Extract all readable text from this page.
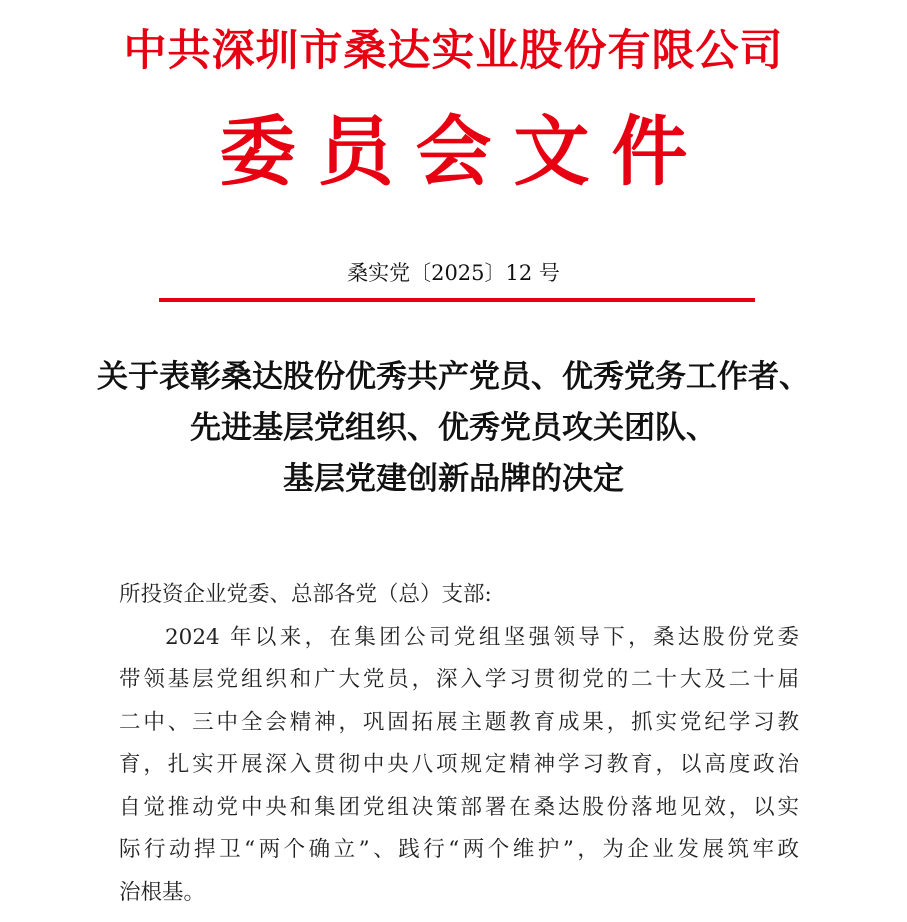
中共深圳市桑达实业股份有限公司
委员会文件
桑实党〔2025〕12 号
关于表彰桑达股份优秀共产党员、优秀党务工作者、
先进基层党组织、优秀党员攻关团队、
基层党建创新品牌的决定
所投资企业党委、总部各党（总）支部:
2024 年以来，在集团公司党组坚强领导下，桑达股份党委
带领基层党组织和广大党员，深入学习贯彻党的二十大及二十届
二中、三中全会精神，巩固拓展主题教育成果，抓实党纪学习教
育，扎实开展深入贯彻中央八项规定精神学习教育，以高度政治
自觉推动党中央和集团党组决策部署在桑达股份落地见效，以实
际行动捍卫“两个确立”、践行“两个维护”，为企业发展筑牢政
治根基。
